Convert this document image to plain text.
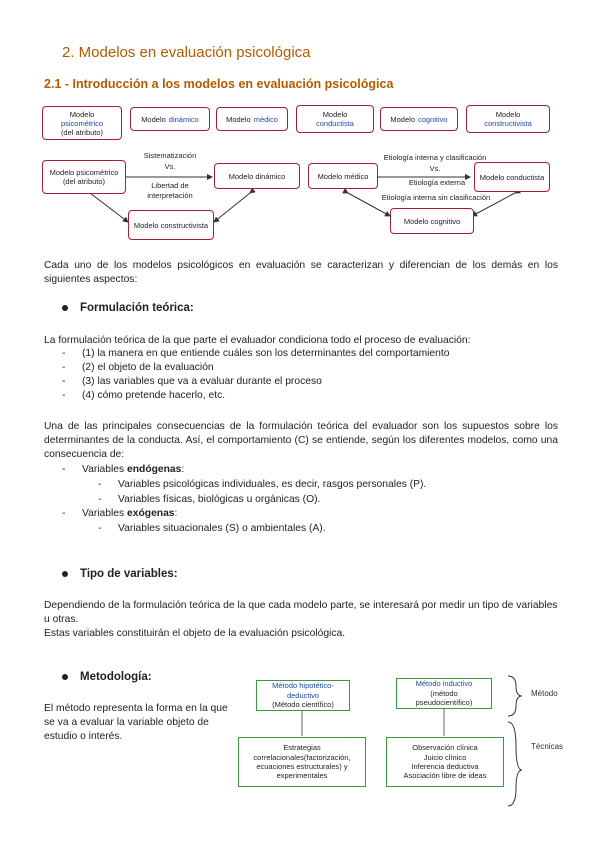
2. Modelos en evaluación psicológica
2.1 - Introducción a los modelos en evaluación psicológica
Modelo
psicométrico
(del atributo)
Modelo dinámico	Modelo médico	Modelo
conductista	Modelo cognitivo	Modelo
constructivista
Modelo psicométrico (del atributo)
Modelo dinámico
Modelo constructivista
Sistematización
Vs.
Libertad de interpretación
Modelo médico	Modelo conductista
Modelo cognitivo
Etiología interna y clasificación
Vs.
Etiología externa
Etiología interna sin clasificación
Cada uno de los modelos psicológicos en evaluación se caracterizan y diferencian de los demás en los siguientes aspectos:
Formulación teórica:
La formulación teórica de la que parte el evaluador condiciona todo el proceso de evaluación:
- (1) la manera en que entiende cuáles son los determinantes del comportamiento
- (2) el objeto de la evaluación
- (3) las variables que va a evaluar durante el proceso
- (4) cómo pretende hacerlo, etc.
Una de las principales consecuencias de la formulación teórica del evaluador son los supuestos sobre los determinantes de la conducta. Así, el comportamiento (C) se entiende, según los diferentes modelos, como una consecuencia de:
- Variables endógenas:
- Variables psicológicas individuales, es decir, rasgos personales (P).
- Variables físicas, biológicas u orgánicas (O).
- Variables exógenas:
- Variables situacionales (S) o ambientales (A).
Tipo de variables:
Dependiendo de la formulación teórica de la que cada modelo parte, se interesará por medir un tipo de variables u otras.
Estas variables constituirán el objeto de la evaluación psicológica.
Metodología:
El método representa la forma en la que se va a evaluar la variable objeto de estudio o interés.
Método hipotético-
deductivo
(Método científico)
Método inductivo
(método
pseudocientífico)
Estrategias correlacionales(factorización, ecuaciones estructurales) y experimentales
Observación clínica
Juicio clínico
Inferencia deductiva
Asociación libre de ideas
Método
Técnicas
